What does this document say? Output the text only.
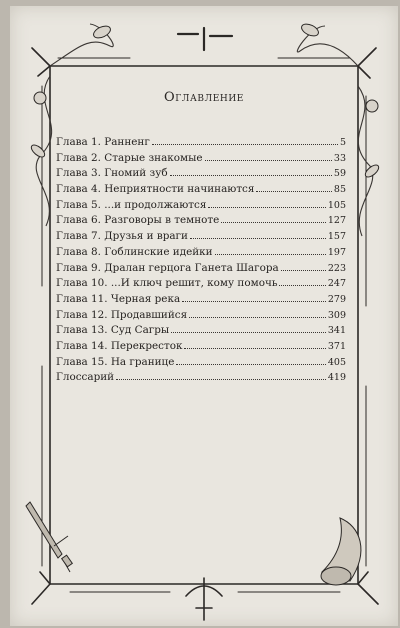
Оглавление
Глава 1. Раннeнг	5
Глава 2. Старые знакомые	33
Глава 3. Гномий зуб	59
Глава 4. Неприятности начинаются	85
Глава 5. ...и продолжаются	105
Глава 6. Разговоры в темноте	127
Глава 7. Друзья и враги	157
Глава 8. Гоблинские идейки	197
Глава 9. Дралан герцога Ганета Шагора	223
Глава 10. ...И ключ решит, кому помочь	247
Глава 11. Черная река	279
Глава 12. Продавшийся	309
Глава 13. Суд Сагры	341
Глава 14. Перекресток	371
Глава 15. На границе	405
Глоссарий	419
